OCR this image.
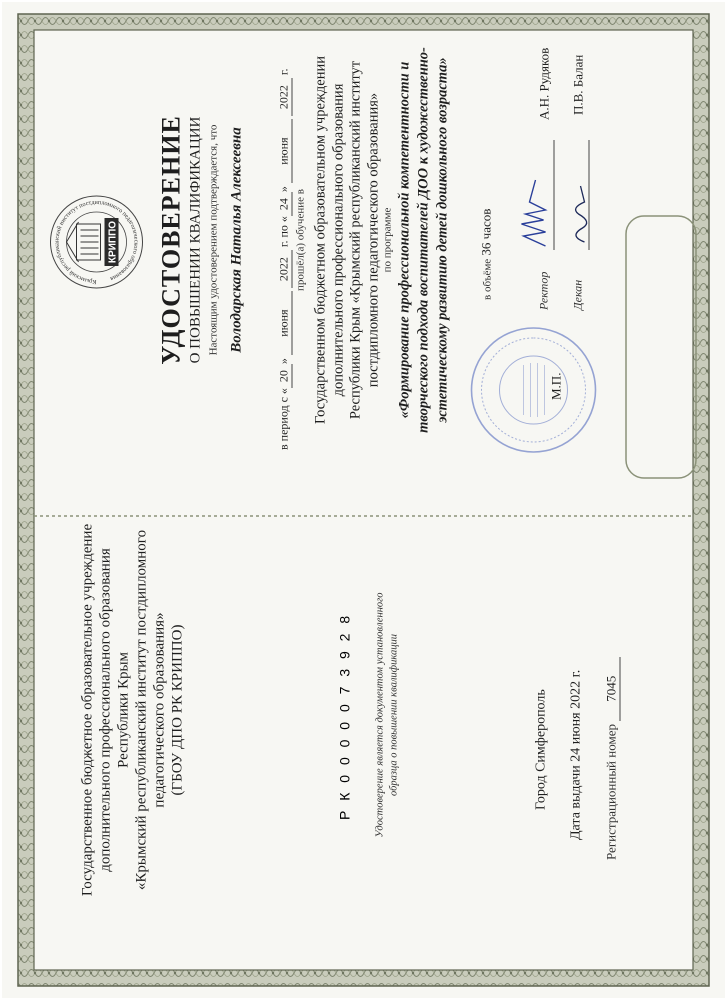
Государственное бюджетное образовательное учреждение дополнительного профессионального образования Республики Крым «Крымский республиканский институт постдипломного педагогического образования» (ГБОУ ДПО РК КРИППО)	Р К 0 0 0 0 0 7 3 9 2 8 Удостоверение является документом установленного образца о повышении квалификации	Город Симферополь
Дата выдачи 24 июня 2022 г.
Регистрационный номер 7045
Крымский республиканский институт постдипломного педагогического образования
КРИППО УДОСТОВЕРЕНИЕ О ПОВЫШЕНИИ КВАЛИФИКАЦИИ Настоящим удостоверением подтверждается, что Володарская Наталья Алексеевна
в период с «20» июня 2022 г. по «24» июня 2022 г.
прошёл(а) обучение в Государственном бюджетном образовательном учреждении дополнительного профессионального образования Республики Крым «Крымский республиканский институт постдипломного педагогического образования» по программе «Формирование профессиональной компетентности и творческого подхода воспитателей ДОО к художественно- эстетическому развитию детей дошкольного возраста»	в объёме 36 часов
М.П.
Ректор
А.Н. Рудяков
Декан
П.В. Балан
